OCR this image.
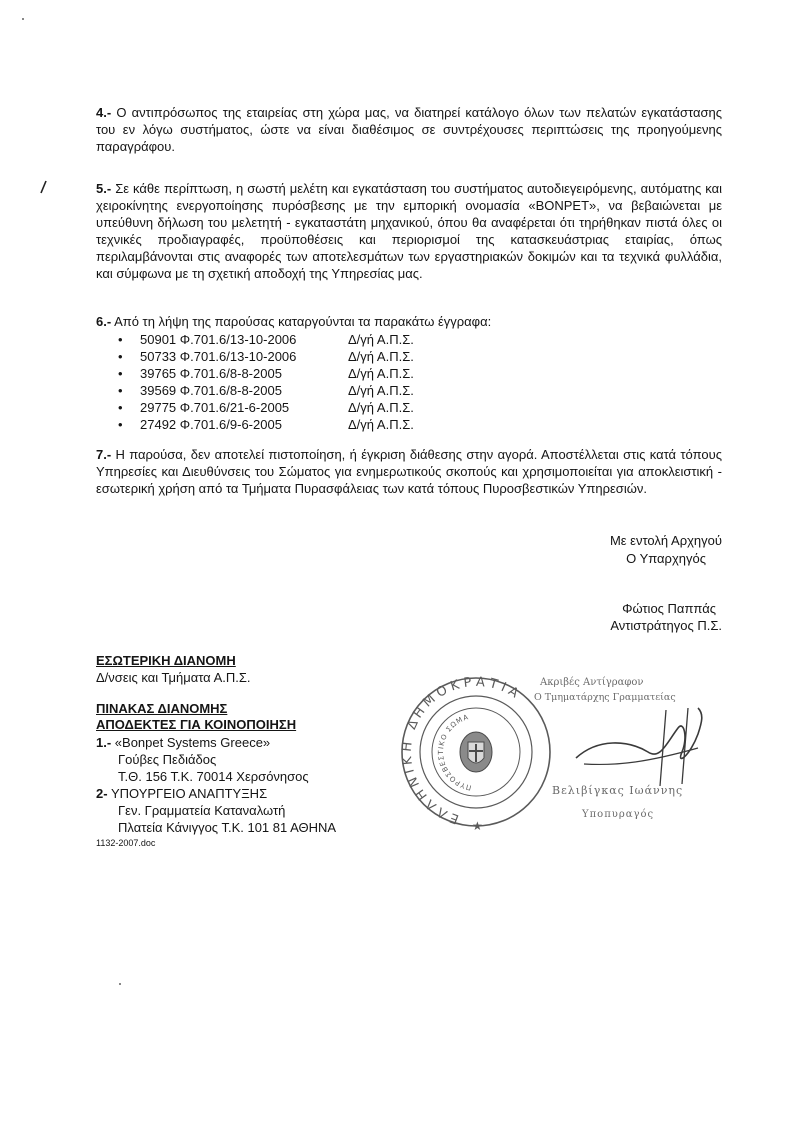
4.- Ο αντιπρόσωπος της εταιρείας στη χώρα μας, να διατηρεί κατάλογο όλων των πελατών εγκατάστασης του εν λόγω συστήματος, ώστε να είναι διαθέσιμος σε συντρέχουσες περιπτώσεις της προηγούμενης παραγράφου.
5.- Σε κάθε περίπτωση, η σωστή μελέτη και εγκατάσταση του συστήματος αυτοδιεγειρόμενης, αυτόματης και χειροκίνητης ενεργοποίησης πυρόσβεσης με την εμπορική ονομασία «BONPET», να βεβαιώνεται με υπεύθυνη δήλωση του μελετητή - εγκαταστάτη μηχανικού, όπου θα αναφέρεται ότι τηρήθηκαν πιστά όλες οι τεχνικές προδιαγραφές, προϋποθέσεις και περιορισμοί της κατασκευάστριας εταιρίας, όπως περιλαμβάνονται στις αναφορές των αποτελεσμάτων των εργαστηριακών δοκιμών και τα τεχνικά φυλλάδια, και σύμφωνα με τη σχετική αποδοχή της Υπηρεσίας μας.
6.- Από τη λήψη της παρούσας καταργούνται τα παρακάτω έγγραφα:
• 50901 Φ.701.6/13-10-2006	Δ/γή Α.Π.Σ.
• 50733 Φ.701.6/13-10-2006	Δ/γή Α.Π.Σ.
• 39765 Φ.701.6/8-8-2005	Δ/γή Α.Π.Σ.
• 39569 Φ.701.6/8-8-2005	Δ/γή Α.Π.Σ.
• 29775 Φ.701.6/21-6-2005	Δ/γή Α.Π.Σ.
• 27492 Φ.701.6/9-6-2005	Δ/γή Α.Π.Σ.
7.- Η παρούσα, δεν αποτελεί πιστοποίηση, ή έγκριση διάθεσης στην αγορά. Αποστέλλεται στις κατά τόπους Υπηρεσίες και Διευθύνσεις του Σώματος για ενημερωτικούς σκοπούς και χρησιμοποιείται για αποκλειστική - εσωτερική χρήση από τα Τμήματα Πυρασφάλειας των κατά τόπους Πυροσβεστικών Υπηρεσιών.
Με εντολή Αρχηγού
Ο Υπαρχηγός
Φώτιος Παππάς
Αντιστράτηγος Π.Σ.
ΕΣΩΤΕΡΙΚΗ ΔΙΑΝΟΜΗ
Δ/νσεις και Τμήματα Α.Π.Σ.
ΠΙΝΑΚΑΣ ΔΙΑΝΟΜΗΣ
ΑΠΟΔΕΚΤΕΣ ΓΙΑ ΚΟΙΝΟΠΟΙΗΣΗ
1.- «Bonpet Systems Greece»
Γούβες Πεδιάδος
Τ.Θ. 156 Τ.Κ. 70014 Χερσόνησος
2- ΥΠΟΥΡΓΕΙΟ ΑΝΑΠΤΥΞΗΣ
Γεν. Γραμματεία Καταναλωτή
Πλατεία Κάνιγγος Τ.Κ. 101 81 ΑΘΗΝΑ
1132-2007.doc
ΕΛΛΗΝΙΚΗ ΔΗΜΟΚΡΑΤΙΑ
ΠΥΡΟΣΒΕΣΤΙΚΟ ΣΩΜΑ
★
Ακριβές Αντίγραφον
Ο Τμηματάρχης Γραμματείας
Βελιβίγκας Ιωάννης
Υποπυραγός
